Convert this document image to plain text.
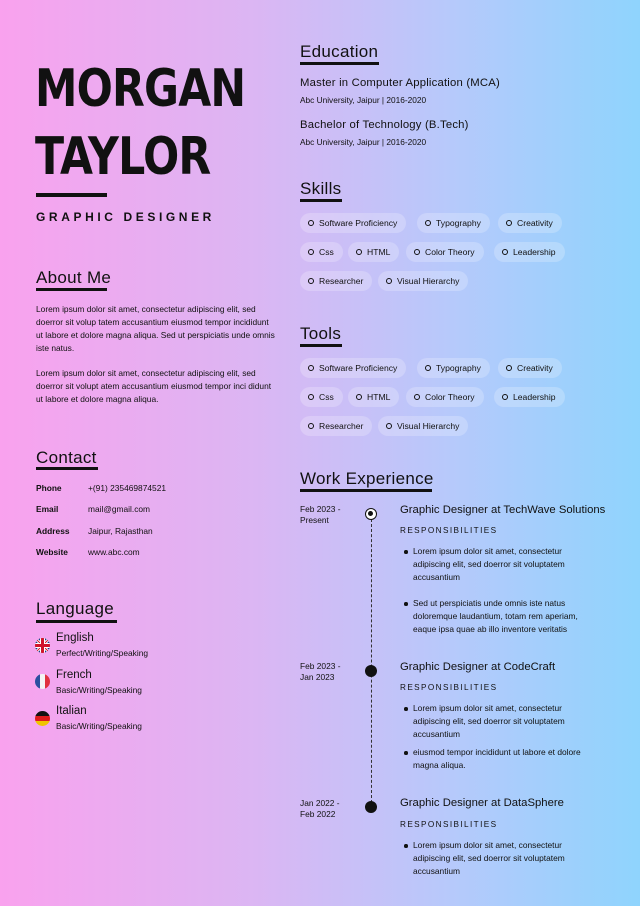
MORGAN
TAYLOR
GRAPHIC DESIGNER
About Me
Lorem ipsum dolor sit amet, consectetur adipiscing elit, sed doerror sit volup tatem accusantium eiusmod tempor incididunt ut labore et dolore magna aliqua. Sed ut perspiciatis unde omnis iste natus.
Lorem ipsum dolor sit amet, consectetur adipiscing elit, sed doerror sit volupt atem accusantium eiusmod tempor inci didunt ut labore et dolore magna aliqua.
Contact
Phone	+(91) 235469874521
Email	mail@gmail.com
Address Jaipur, Rajasthan
Website www.abc.com
Language
English
Perfect/Writing/Speaking
French
Basic/Writing/Speaking
Italian
Basic/Writing/Speaking
Education
Master in Computer Application (MCA)
Abc University, Jaipur | 2016-2020
Bachelor of Technology (B.Tech)
Abc University, Jaipur | 2016-2020
Skills
Software Proficiency	Typography	Creativity
Css	HTML	Color Theory	Leadership
Researcher	Visual Hierarchy
Tools
Software Proficiency	Typography	Creativity
Css	HTML	Color Theory	Leadership
Researcher	Visual Hierarchy
Work Experience
Feb 2023 -
Present
Graphic Designer at TechWave Solutions
RESPONSIBILITIES
Lorem ipsum dolor sit amet, consectetur adipiscing elit, sed doerror sit voluptatem accusantium
Sed ut perspiciatis unde omnis iste natus doloremque laudantium, totam rem aperiam, eaque ipsa quae ab illo inventore veritatis
Feb 2023 -
Jan 2023
Graphic Designer at CodeCraft
RESPONSIBILITIES
Lorem ipsum dolor sit amet, consectetur adipiscing elit, sed doerror sit voluptatem accusantium
eiusmod tempor incididunt ut labore et dolore magna aliqua.
Jan 2022 -
Feb 2022
Graphic Designer at DataSphere
RESPONSIBILITIES
Lorem ipsum dolor sit amet, consectetur adipiscing elit, sed doerror sit voluptatem accusantium
